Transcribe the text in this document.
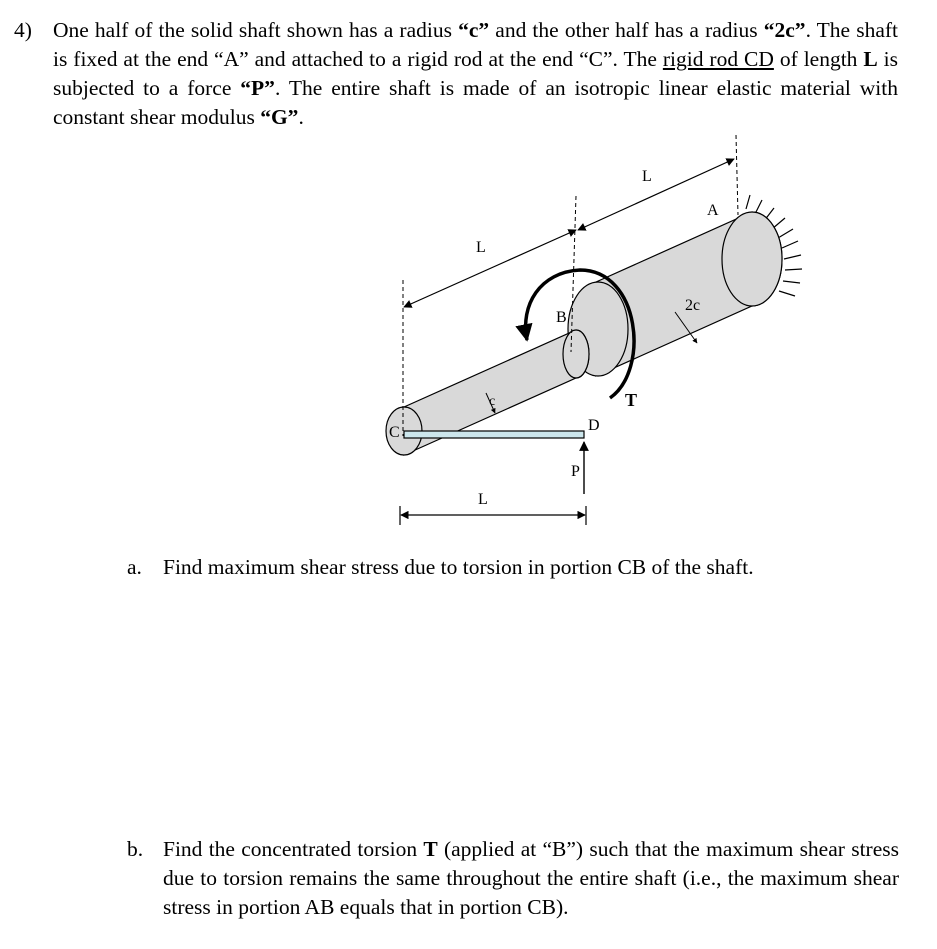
4) One half of the solid shaft shown has a radius “c” and the other half has a radius “2c”. The shaft is fixed at the end “A” and attached to a rigid rod at the end “C”. The rigid rod CD of length L is subjected to a force “P”. The entire shaft is made of an isotropic linear elastic material with constant shear modulus “G”.
L
L
L
A
B
C	D
P
c
2c
T
a. Find maximum shear stress due to torsion in portion CB of the shaft.
b. Find the concentrated torsion T (applied at “B”) such that the maximum shear stress due to torsion remains the same throughout the entire shaft (i.e., the maximum shear stress in portion AB equals that in portion CB).
